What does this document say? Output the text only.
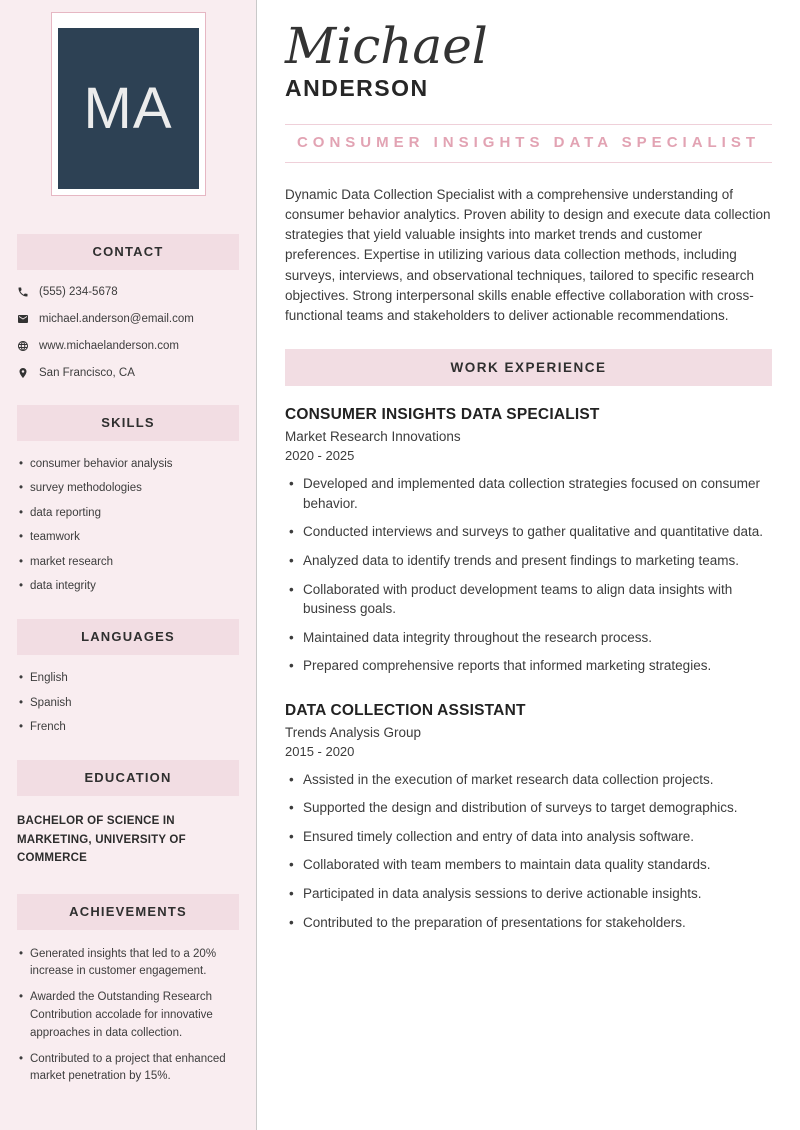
MA
CONTACT
(555) 234-5678
michael.anderson@email.com
www.michaelanderson.com
San Francisco, CA
SKILLS
• consumer behavior analysis
• survey methodologies
• data reporting
• teamwork
• market research
• data integrity
LANGUAGES
• English
• Spanish
• French
EDUCATION
BACHELOR OF SCIENCE IN MARKETING, UNIVERSITY OF COMMERCE
ACHIEVEMENTS
• Generated insights that led to a 20% increase in customer engagement.
• Awarded the Outstanding Research Contribution accolade for innovative approaches in data collection.
• Contributed to a project that enhanced market penetration by 15%.
Michael
ANDERSON
CONSUMER INSIGHTS DATA SPECIALIST

Dynamic Data Collection Specialist with a comprehensive understanding of consumer behavior analytics. Proven ability to design and execute data collection strategies that yield valuable insights into market trends and customer preferences. Expertise in utilizing various data collection methods, including surveys, interviews, and observational techniques, tailored to specific research objectives. Strong interpersonal skills enable effective collaboration with cross-functional teams and stakeholders to deliver actionable recommendations.

WORK EXPERIENCE
CONSUMER INSIGHTS DATA SPECIALIST
Market Research Innovations
2020 - 2025
• Developed and implemented data collection strategies focused on consumer behavior.
• Conducted interviews and surveys to gather qualitative and quantitative data.
• Analyzed data to identify trends and present findings to marketing teams.
• Collaborated with product development teams to align data insights with business goals.
• Maintained data integrity throughout the research process.
• Prepared comprehensive reports that informed marketing strategies.
DATA COLLECTION ASSISTANT
Trends Analysis Group
2015 - 2020
• Assisted in the execution of market research data collection projects.
• Supported the design and distribution of surveys to target demographics.
• Ensured timely collection and entry of data into analysis software.
• Collaborated with team members to maintain data quality standards.
• Participated in data analysis sessions to derive actionable insights.
• Contributed to the preparation of presentations for stakeholders.
